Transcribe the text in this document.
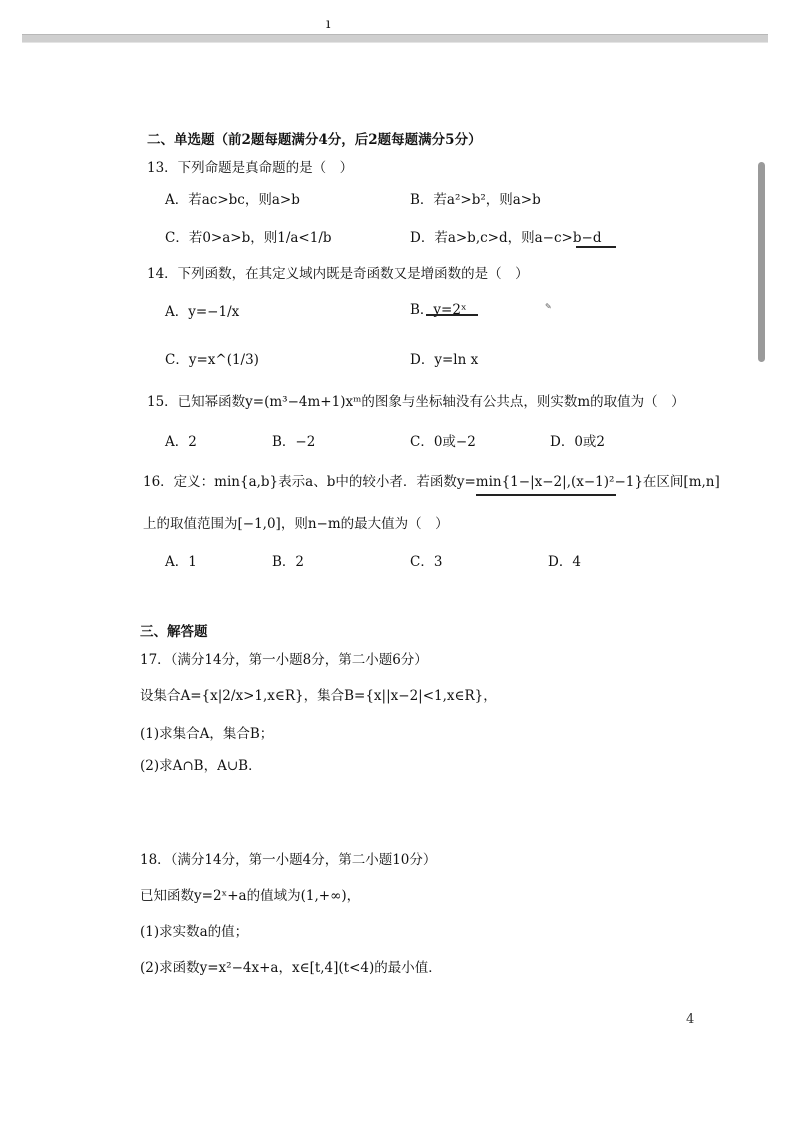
ı
二、单选题（前2题每题满分4分，后2题每题满分5分）
13．下列命题是真命题的是（　）
A．若ac>bc，则a>b	B．若a²>b²，则a>b
C．若0>a>b，则1/a<1/b	D．若a>b,c>d，则a−c>b−d
14．下列函数，在其定义域内既是奇函数又是增函数的是（　）
A．y=−1/x	B．y=2ˣ	✎
C．y=x^(1/3)	D．y=ln x
15．已知幂函数y=(m³−4m+1)xᵐ的图象与坐标轴没有公共点，则实数m的取值为（　）
A．2	B．−2	C．0或−2	D．0或2
16．定义：min{a,b}表示a、b中的较小者．若函数y=min{1−|x−2|,(x−1)²−1}在区间[m,n]
上的取值范围为[−1,0]，则n−m的最大值为（　）
A．1	B．2	C．3	D．4
三、解答题
17．（满分14分，第一小题8分，第二小题6分）
设集合A={x|2/x>1,x∈R}，集合B={x||x−2|<1,x∈R}，
(1)求集合A，集合B；
(2)求A∩B，A∪B．
18．（满分14分，第一小题4分，第二小题10分）
已知函数y=2ˣ+a的值域为(1,+∞)，
(1)求实数a的值；
(2)求函数y=x²−4x+a，x∈[t,4](t<4)的最小值．
4
